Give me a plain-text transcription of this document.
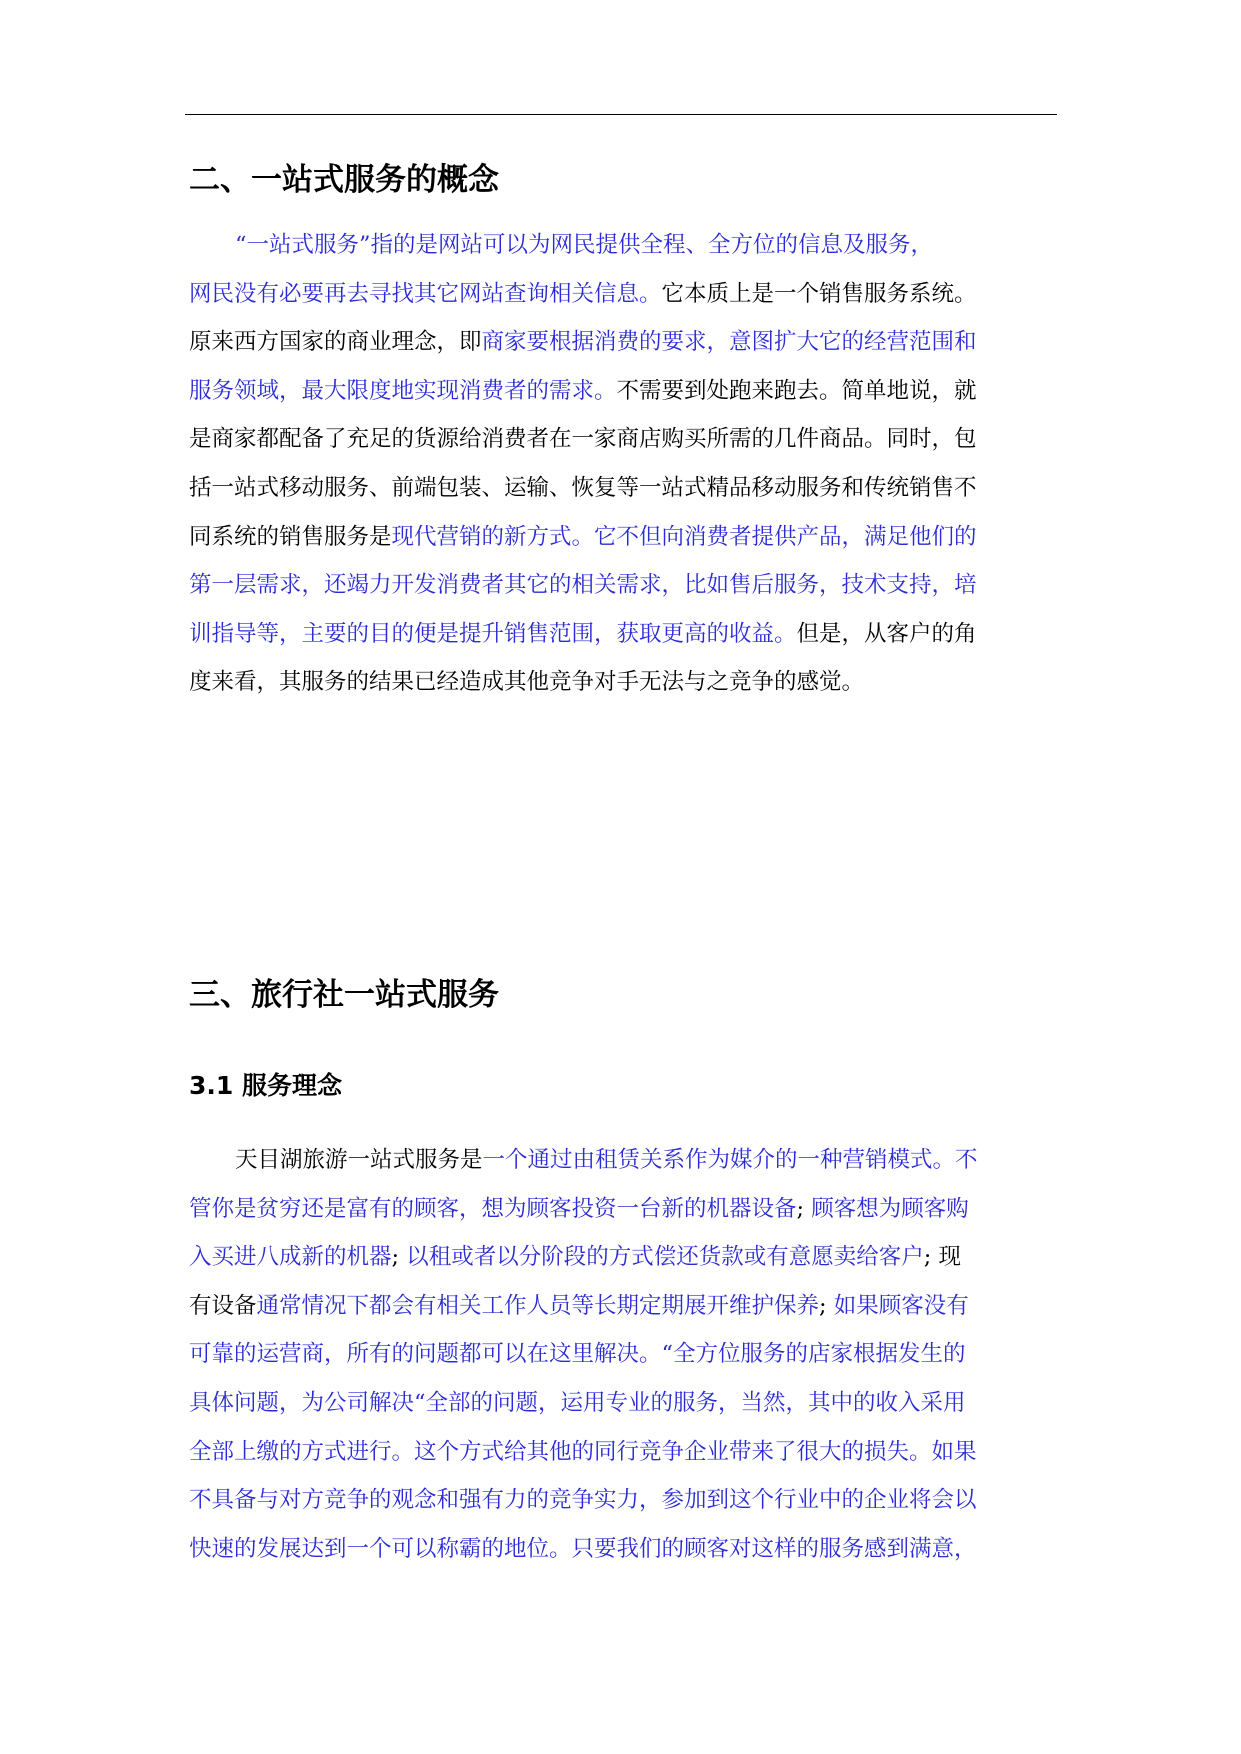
二、一站式服务的概念
“一站式服务”指的是网站可以为网民提供全程、全方位的信息及服务，
网民没有必要再去寻找其它网站查询相关信息。它本质上是一个销售服务系统。
原来西方国家的商业理念，即商家要根据消费的要求，意图扩大它的经营范围和
服务领域，最大限度地实现消费者的需求。不需要到处跑来跑去。简单地说，就
是商家都配备了充足的货源给消费者在一家商店购买所需的几件商品。同时，包
括一站式移动服务、前端包装、运输、恢复等一站式精品移动服务和传统销售不
同系统的销售服务是现代营销的新方式。它不但向消费者提供产品，满足他们的
第一层需求，还竭力开发消费者其它的相关需求，比如售后服务，技术支持，培
训指导等，主要的目的便是提升销售范围，获取更高的收益。但是，从客户的角
度来看，其服务的结果已经造成其他竞争对手无法与之竞争的感觉。
三、旅行社一站式服务
3.1 服务理念
天目湖旅游一站式服务是一个通过由租赁关系作为媒介的一种营销模式。不
管你是贫穷还是富有的顾客，想为顾客投资一台新的机器设备; 顾客想为顾客购
入买进八成新的机器; 以租或者以分阶段的方式偿还货款或有意愿卖给客户; 现
有设备通常情况下都会有相关工作人员等长期定期展开维护保养; 如果顾客没有
可靠的运营商，所有的问题都可以在这里解决。“全方位服务的店家根据发生的
具体问题，为公司解决“全部的问题，运用专业的服务，当然，其中的收入采用
全部上缴的方式进行。这个方式给其他的同行竞争企业带来了很大的损失。如果
不具备与对方竞争的观念和强有力的竞争实力，参加到这个行业中的企业将会以
快速的发展达到一个可以称霸的地位。只要我们的顾客对这样的服务感到满意，
